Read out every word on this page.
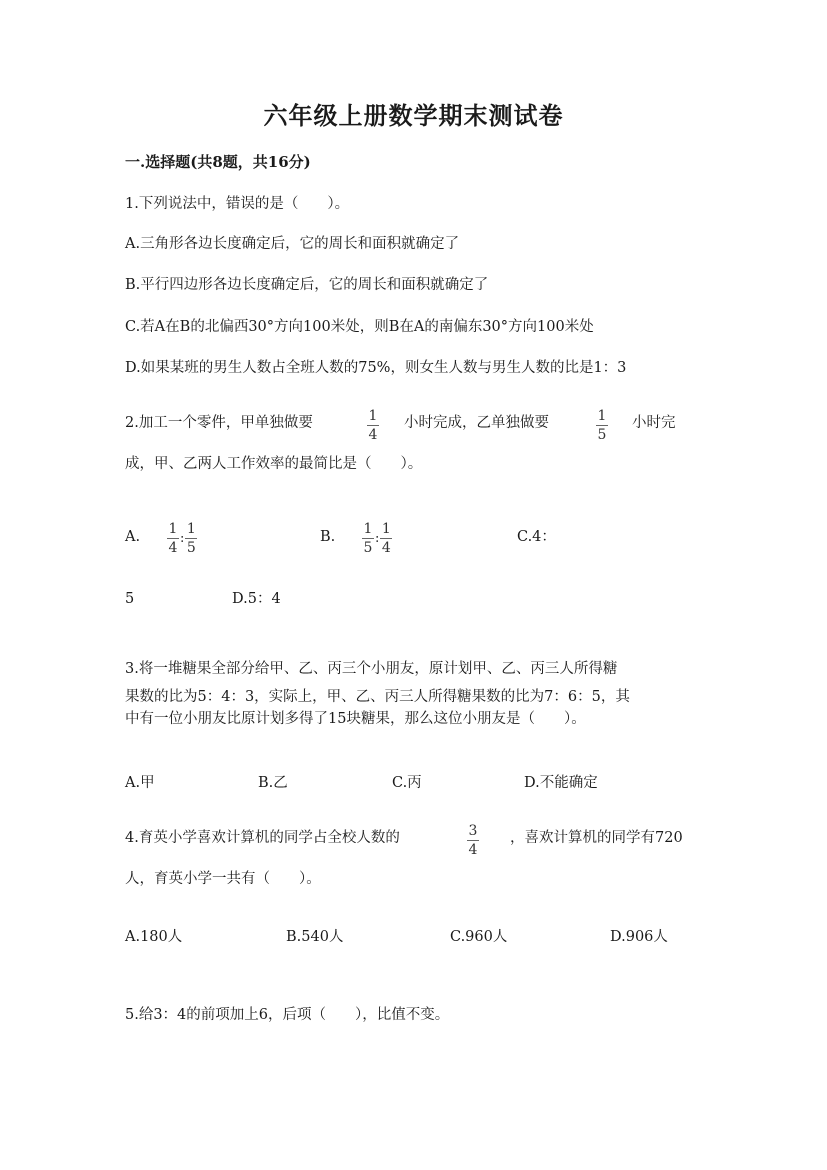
六年级上册数学期末测试卷
一.选择题(共8题，共16分)
1.下列说法中，错误的是（　　）。
A.三角形各边长度确定后，它的周长和面积就确定了
B.平行四边形各边长度确定后，它的周长和面积就确定了
C.若A在B的北偏西30°方向100米处，则B在A的南偏东30°方向100米处
D.如果某班的男生人数占全班人数的75%，则女生人数与男生人数的比是1：3
2.加工一个零件，甲单独做要	1
4
小时完成，乙单独做要	1
5
小时完
成，甲、乙两人工作效率的最简比是（　　）。
A. $\frac{1}{4}$ : $\frac{1}{5}$	B. $\frac{1}{5}$ : $\frac{1}{4}$	C.4：
5	D.5：4
3.将一堆糖果全部分给甲、乙、丙三个小朋友，原计划甲、乙、丙三人所得糖
果数的比为5：4：3，实际上，甲、乙、丙三人所得糖果数的比为7：6：5，其
中有一位小朋友比原计划多得了15块糖果，那么这位小朋友是（　　）。
A.甲	B.乙	C.丙	D.不能确定
4.育英小学喜欢计算机的同学占全校人数的	3
4
，喜欢计算机的同学有720
人，育英小学一共有（　　）。
A.180人	B.540人	C.960人	D.906人
5.给3：4的前项加上6，后项（　　），比值不变。
